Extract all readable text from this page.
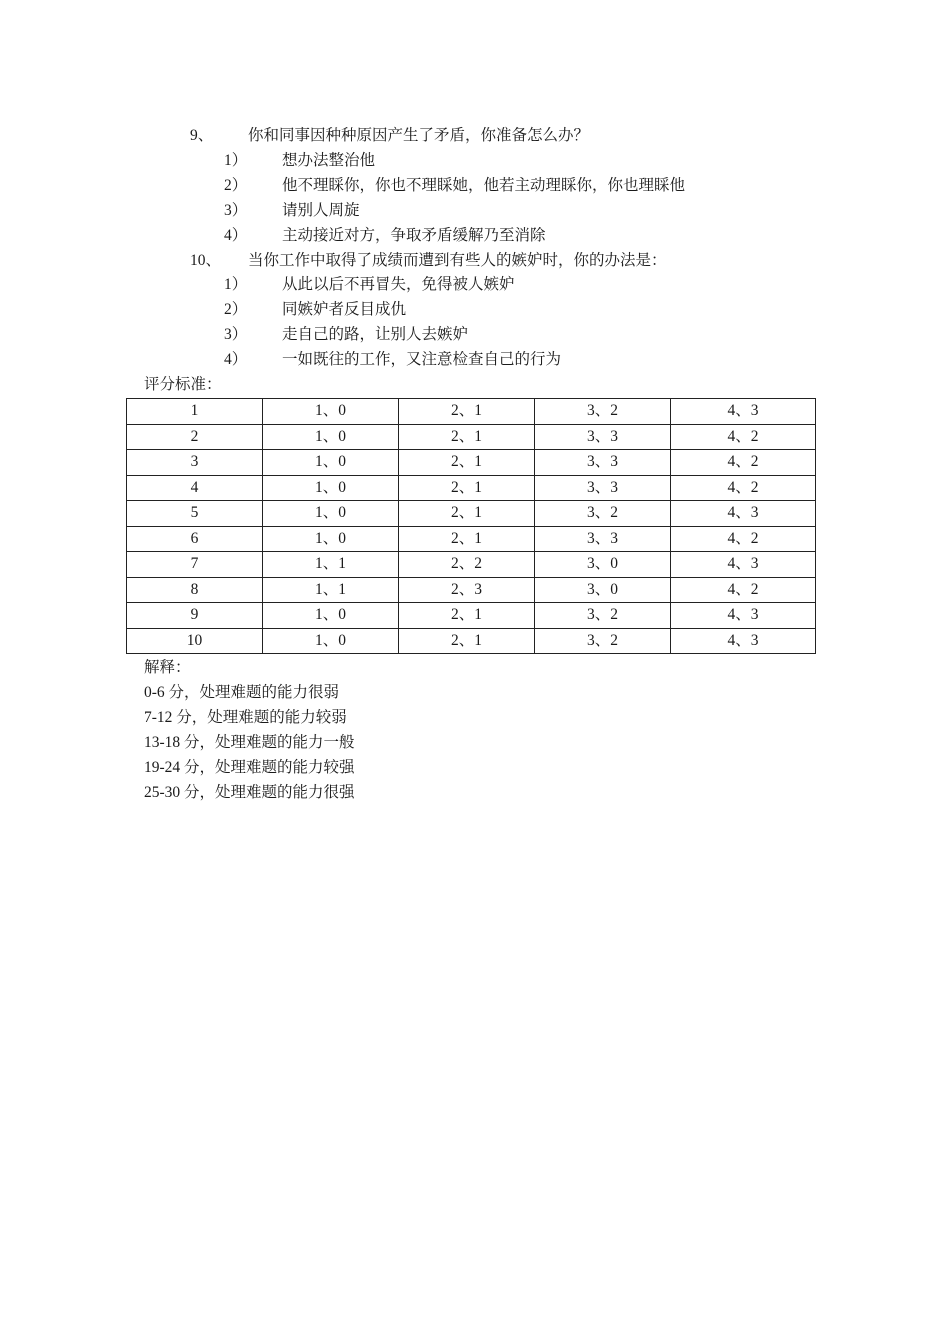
9、 你和同事因种种原因产生了矛盾，你准备怎么办？
1） 想办法整治他
2） 他不理睬你，你也不理睬她，他若主动理睬你，你也理睬他
3） 请别人周旋
4） 主动接近对方，争取矛盾缓解乃至消除
10、 当你工作中取得了成绩而遭到有些人的嫉妒时，你的办法是：
1） 从此以后不再冒失，免得被人嫉妒
2） 同嫉妒者反目成仇
3） 走自己的路，让别人去嫉妒
4） 一如既往的工作，又注意检查自己的行为
评分标准：
1	1、0	2、1	3、2	4、3
2	1、0	2、1	3、3	4、2
3	1、0	2、1	3、3	4、2
4	1、0	2、1	3、3	4、2
5	1、0	2、1	3、2	4、3
6	1、0	2、1	3、3	4、2
7	1、1	2、2	3、0	4、3
8	1、1	2、3	3、0	4、2
9	1、0	2、1	3、2	4、3
10	1、0	2、1	3、2	4、3
解释：
0-6 分，处理难题的能力很弱
7-12 分，处理难题的能力较弱
13-18 分，处理难题的能力一般
19-24 分，处理难题的能力较强
25-30 分，处理难题的能力很强
